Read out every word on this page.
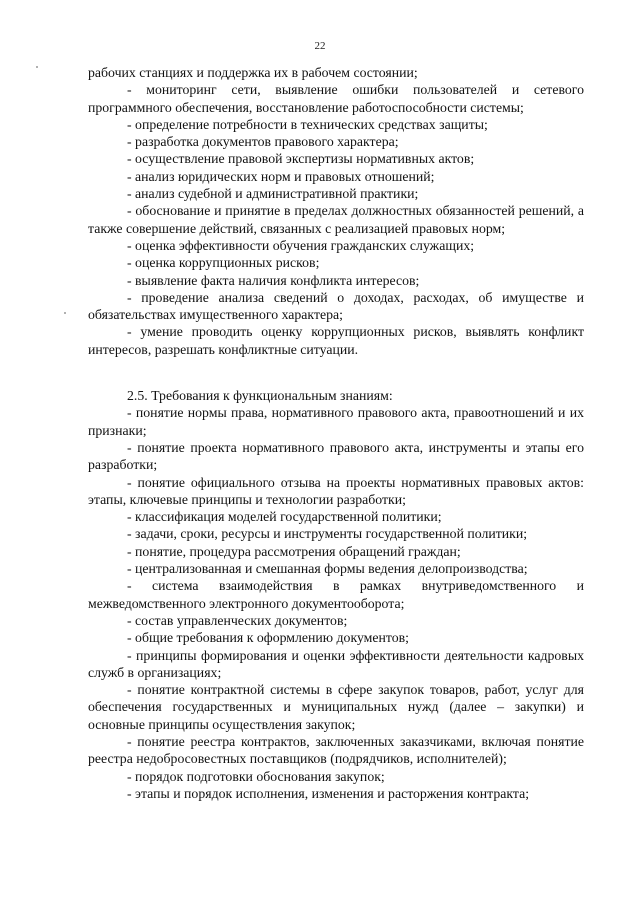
22

рабочих станциях и поддержка их в рабочем состоянии;

- мониторинг сети, выявление ошибки пользователей и сетевого программного обеспечения, восстановление работоспособности системы;

- определение потребности в технических средствах защиты;

- разработка документов правового характера;

- осуществление правовой экспертизы нормативных актов;

- анализ юридических норм и правовых отношений;

- анализ судебной и административной практики;

- обоснование и принятие в пределах должностных обязанностей решений, а также совершение действий, связанных с реализацией правовых норм;

- оценка эффективности обучения гражданских служащих;

- оценка коррупционных рисков;

- выявление факта наличия конфликта интересов;

- проведение анализа сведений о доходах, расходах, об имуществе и обязательствах имущественного характера;

- умение проводить оценку коррупционных рисков, выявлять конфликт интересов, разрешать конфликтные ситуации.

2.5. Требования к функциональным знаниям:

- понятие нормы права, нормативного правового акта, правоотношений и их признаки;

- понятие проекта нормативного правового акта, инструменты и этапы его разработки;

- понятие официального отзыва на проекты нормативных правовых актов: этапы, ключевые принципы и технологии разработки;

- классификация моделей государственной политики;

- задачи, сроки, ресурсы и инструменты государственной политики;

- понятие, процедура рассмотрения обращений граждан;

- централизованная и смешанная формы ведения делопроизводства;

- система взаимодействия в рамках внутриведомственного и межведомственного электронного документооборота;

- состав управленческих документов;

- общие требования к оформлению документов;

- принципы формирования и оценки эффективности деятельности кадровых служб в организациях;

- понятие контрактной системы в сфере закупок товаров, работ, услуг для обеспечения государственных и муниципальных нужд (далее – закупки) и основные принципы осуществления закупок;

- понятие реестра контрактов, заключенных заказчиками, включая понятие реестра недобросовестных поставщиков (подрядчиков, исполнителей);

- порядок подготовки обоснования закупок;

- этапы и порядок исполнения, изменения и расторжения контракта;
